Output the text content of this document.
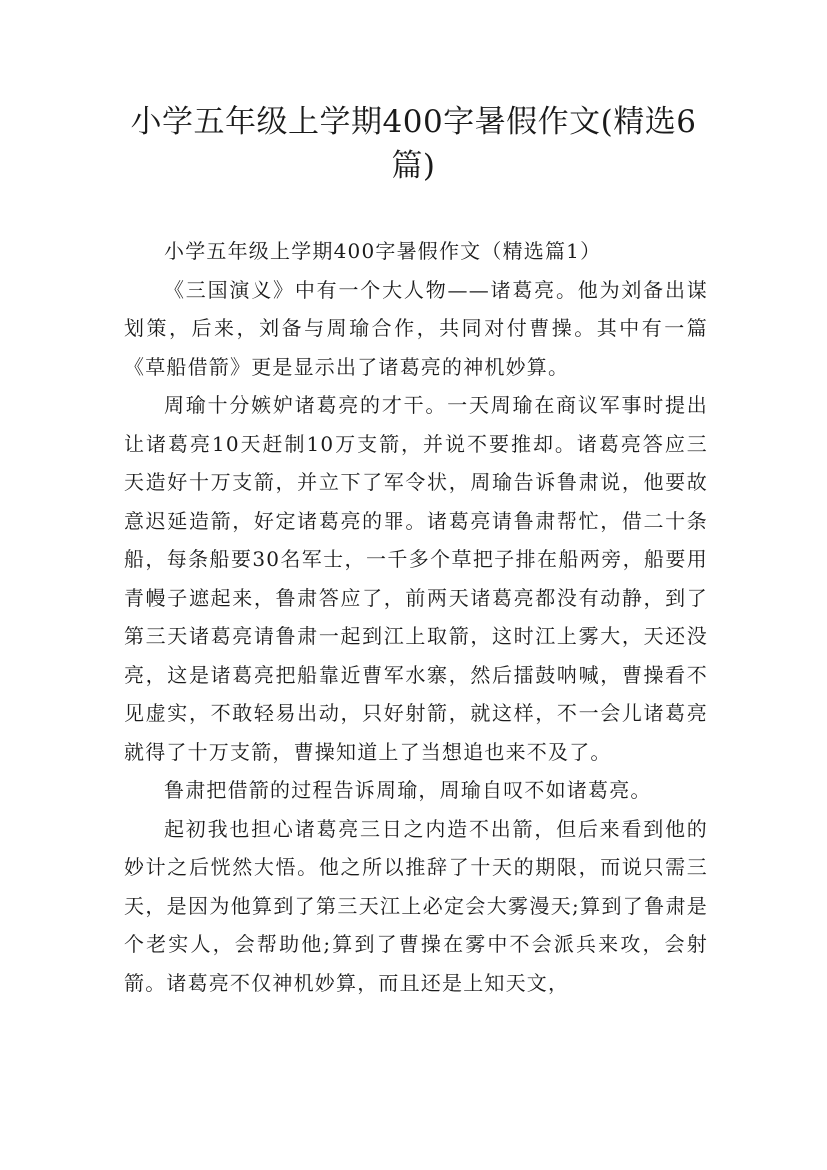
小学五年级上学期400字暑假作文(精选6
篇)

小学五年级上学期400字暑假作文（精选篇1）

《三国演义》中有一个大人物——诸葛亮。他为刘备出谋划策，后来，刘备与周瑜合作，共同对付曹操。其中有一篇《草船借箭》更是显示出了诸葛亮的神机妙算。

周瑜十分嫉妒诸葛亮的才干。一天周瑜在商议军事时提出让诸葛亮10天赶制10万支箭，并说不要推却。诸葛亮答应三天造好十万支箭，并立下了军令状，周瑜告诉鲁肃说，他要故意迟延造箭，好定诸葛亮的罪。诸葛亮请鲁肃帮忙，借二十条船，每条船要30名军士，一千多个草把子排在船两旁，船要用青幔子遮起来，鲁肃答应了，前两天诸葛亮都没有动静，到了第三天诸葛亮请鲁肃一起到江上取箭，这时江上雾大，天还没亮，这是诸葛亮把船靠近曹军水寨，然后擂鼓呐喊，曹操看不见虚实，不敢轻易出动，只好射箭，就这样，不一会儿诸葛亮就得了十万支箭，曹操知道上了当想追也来不及了。

鲁肃把借箭的过程告诉周瑜，周瑜自叹不如诸葛亮。

起初我也担心诸葛亮三日之内造不出箭，但后来看到他的妙计之后恍然大悟。他之所以推辞了十天的期限，而说只需三天，是因为他算到了第三天江上必定会大雾漫天;算到了鲁肃是个老实人，会帮助他;算到了曹操在雾中不会派兵来攻，会射箭。诸葛亮不仅神机妙算，而且还是上知天文，
